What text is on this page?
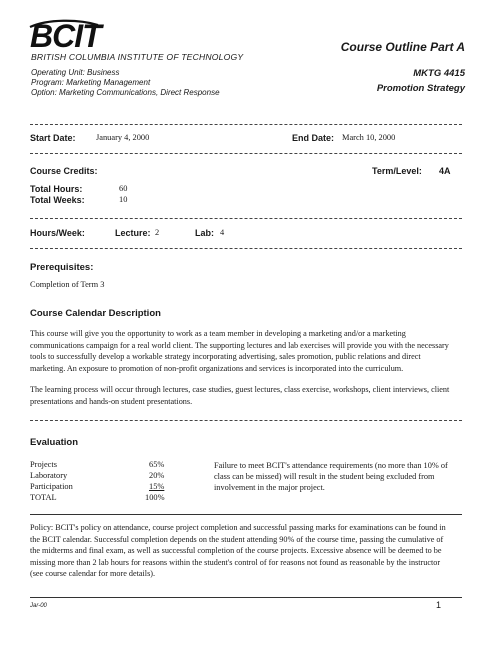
BCIT
BRITISH COLUMBIA INSTITUTE OF TECHNOLOGY
Operating Unit: Business
Program: Marketing Management
Option: Marketing Communications, Direct Response
Course Outline Part A
MKTG 4415
Promotion Strategy
Start Date: January 4, 2000	End Date: March 10, 2000
Course Credits:	Term/Level: 4A
Total Hours:	60
Total Weeks:	10
Hours/Week:	Lecture: 2	Lab: 4
Prerequisites:
Completion of Term 3
Course Calendar Description
This course will give you the opportunity to work as a team member in developing a marketing and/or a marketing communications campaign for a real world client. The supporting lectures and lab exercises will provide you with the necessary tools to successfully develop a workable strategy incorporating advertising, sales promotion, public relations and direct marketing. An exposure to promotion of non-profit organizations and services is incorporated into the curriculum.
The learning process will occur through lectures, case studies, guest lectures, class exercise, workshops, client interviews, client presentations and hands-on student presentations.
Evaluation
Projects	65%
Laboratory	20%
Participation	15%
TOTAL	100%
Failure to meet BCIT's attendance requirements (no more than 10% of class can be missed) will result in the student being excluded from involvement in the major project.
Policy: BCIT's policy on attendance, course project completion and successful passing marks for examinations can be found in the BCIT calendar. Successful completion depends on the student attending 90% of the course time, passing the cumulative of the midterms and final exam, as well as successful completion of the course projects. Excessive absence will be deemed to be missing more than 2 lab hours for reasons within the student's control of for reasons not found as reasonable by the instructor (see course calendar for more details).
Jar-00	1
